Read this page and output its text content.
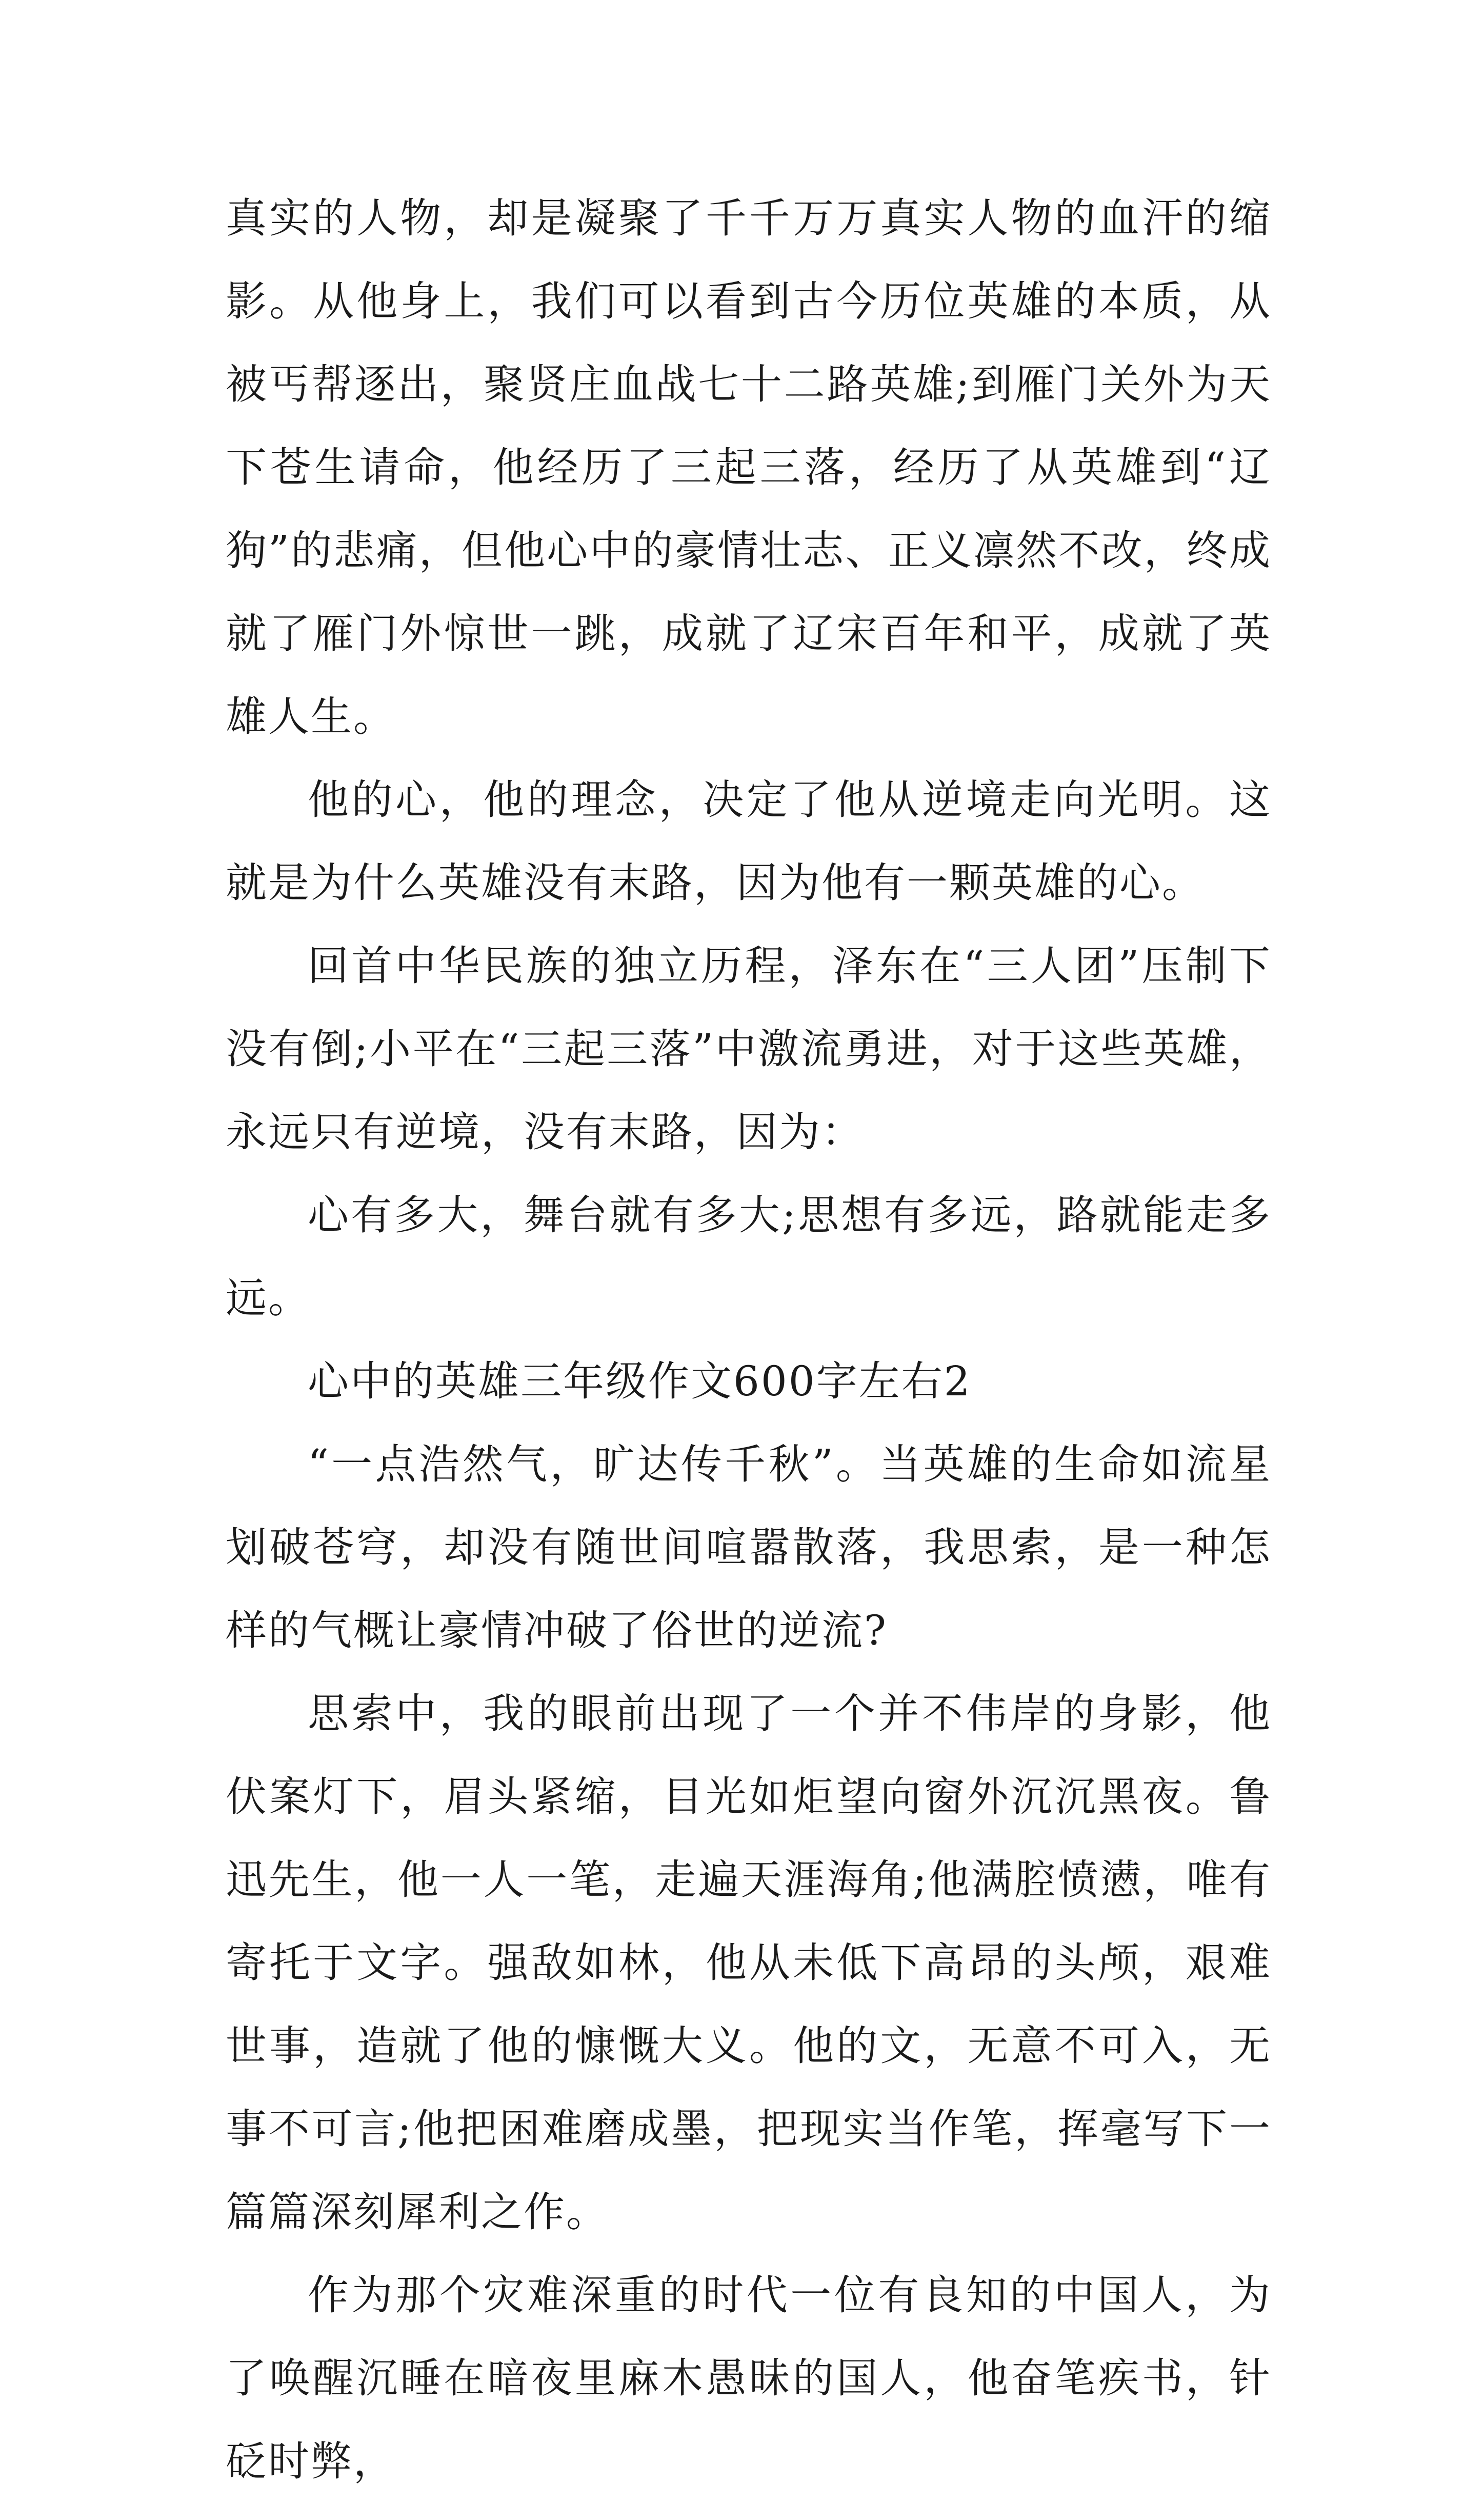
真实的人物，却是凝聚了千千万万真实人物的血汗的缩影。从他身上，我们可以看到古今历位英雄的本质，从被丐帮逐出，聚贤庄血战七十二路英雄;到雁门关外为天下苍生请命，他经历了三起三落，经历了从英雄到“辽狗”的悲痛，但他心中的豪情壮志、正义凛然不改，终成就了雁门外惊世一跳，成就了辽宋百年和平，成就了英雄人生。

他的心，他的理念，决定了他从逆境走向光明。这就是为什么英雄没有末路，因为他有一颗英雄的心。

回首中华民族的独立历程，泽东在“三人团”压制下没有倒;小平在“三起三落”中激流勇进，对于这些英雄，永远只有逆境，没有末路，因为：

心有多大，舞台就有多大;思想有多远，路就能走多远。

心中的英雄三年级作文600字左右2

“一点浩然气，旷达传千秋”。当英雄的生命如流星划破苍穹，却没有随世间喧嚣散落，我思索，是一种怎样的气概让豪情冲破了俗世的逆流?

思索中，我的眼前出现了一个并不伟岸的身影，他伏案灯下，眉头紧缩，目光如炬望向窗外沉沉黑夜。鲁迅先生，他一人一笔，走遍天涯海角;他满腔愤懑，唯有寄托于文字。强敌如林，他从未低下高昂的头颅，艰难世事，造就了他的慷慨大义。他的文，无意不可入，无事不可言;他把困难磨成墨，把现实当作笔，挥毫写下一篇篇深刻犀利之作。

作为那个灾难深重的时代一位有良知的中国人，为了唤醒沉睡在暗夜里麻木愚昧的国人，他奋笔疾书，针砭时弊，
